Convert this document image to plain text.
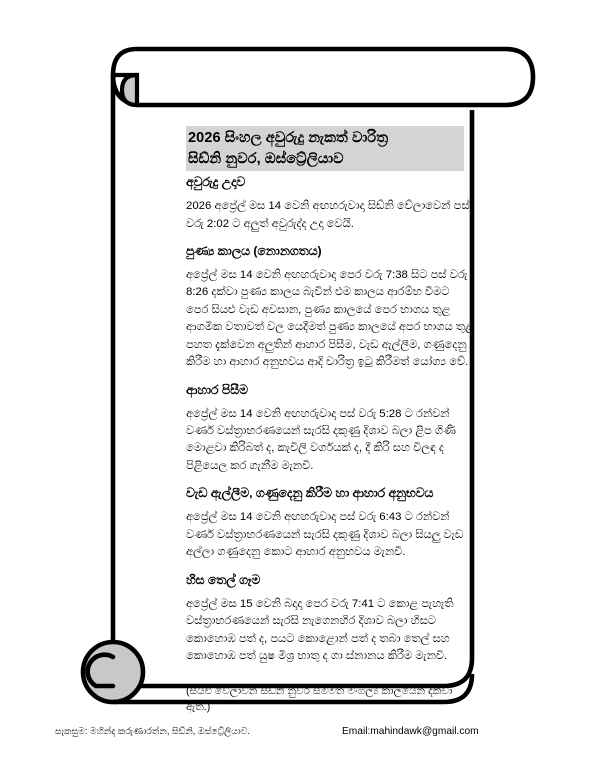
2026 සිංහල අවුරුදු නැකත් වාරිත්‍ර
සිඩ්නි නුවර, ඔස්ට්‍රේලියාව
අවුරුදු උදාව

2026 අප්‍රේල් මස 14 වෙනි අඟහරුවාදා සිඩ්නි වේලාවෙන් පස් වරු 2:02 ට අලුත් අවුරුද්ද උදා වෙයි.

පුණ්‍ය කාලය (නොනගතය)

අප්‍රේල් මස 14 වෙනි අඟහරුවාදා පෙර වරු 7:38 සිට පස් වරු 8:26 දක්වා පුණ්‍ය කාලය බැවින් එම කාලය ආරම්භ වීමට පෙර සියළු වැඩ අවසාන, පුණ්‍ය කාලයේ පෙර භාගය තුළ ආගමික වතාවත් වල යෙදීමත් පුණ්‍ය කාලයේ අපර භාගය තුළ පහත දැක්වෙන අලුතින් ආහාර පිසීම, වැඩ ඇල්ලීම, ගණුදෙනු කිරීම හා ආහාර අනුභවය ආදි චාරිත්‍ර ඉටු කිරීමත් යෝග්‍ය වේ.

ආහාර පිසීම

අප්‍රේල් මස 14 වෙනි අඟහරුවාදා පස් වරු 5:28 ට රන්වන් වර්ණ වස්ත්‍රාභරණයෙන් සැරසි දකුණු දිශාව බලා ළිප ගිණි මොළවා කිරිබත් ද, කැවිලි වර්ගයක් ද, දී කිරි සහ විලඳ ද පිළියෙල කර ගැනීම මැනවි.

වැඩ ඇල්ලීම, ගණුදෙනු කිරීම හා ආහාර අනුභවය

අප්‍රේල් මස 14 වෙනි අඟහරුවාදා පස් වරු 6:43 ට රන්වන් වර්ණ වස්ත්‍රාභරණයෙන් සැරසි දකුණු දිශාව බලා සියලු වැඩ අල්ලා ගණුදෙනු කොට ආහාර අනුභවය මැනවි.

හිස තෙල් ගෑම

අප්‍රේල් මස 15 වෙනි බදාදා පෙර වරු 7:41 ට කොළ පැහැති වස්ත්‍රාභරණයෙන් සැරසි නැගෙනහිර දිශාව බලා හිසට කොහොඹ පත් ද, පයට කොළොන් පත් ද තබා තෙල් සහ කොහොඹ පත් යුෂ මිශ්‍ර භාතු ද ගා ස්නානය කිරීම මැනවි.

(සියළු වෙලාවන් සිඩ්නි නුවර සම්මත මංගල්‍ය කාලයෙන් දක්වා ඇත.)

සැකසුම: මහින්ද කරුණාරත්න, සිඩ්නි, ඔස්ට්‍රේලියාව.	Email:mahindawk@gmail.com
